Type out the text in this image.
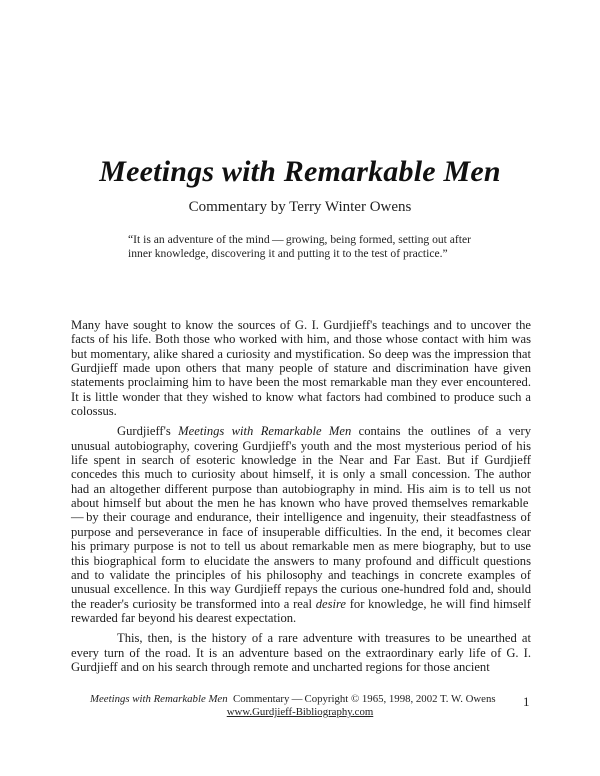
Meetings with Remarkable Men
Commentary by Terry Winter Owens
“It is an adventure of the mind — growing, being formed, setting out after inner knowledge, discovering it and putting it to the test of practice.”

Many have sought to know the sources of G. I. Gurdjieff's teachings and to uncover the facts of his life. Both those who worked with him, and those whose contact with him was but momentary, alike shared a curiosity and mystification. So deep was the impression that Gurdjieff made upon others that many people of stature and discrimination have given statements proclaiming him to have been the most remarkable man they ever encountered. It is little wonder that they wished to know what factors had combined to produce such a colossus.

Gurdjieff's Meetings with Remarkable Men contains the outlines of a very unusual autobiography, covering Gurdjieff's youth and the most mysterious period of his life spent in search of esoteric knowledge in the Near and Far East. But if Gurdjieff concedes this much to curiosity about himself, it is only a small concession. The author had an altogether different purpose than autobiography in mind. His aim is to tell us not about himself but about the men he has known who have proved themselves remarkable — by their courage and endurance, their intelligence and ingenuity, their steadfastness of purpose and perseverance in face of insuperable difficulties. In the end, it becomes clear his primary purpose is not to tell us about remarkable men as mere biography, but to use this biographical form to elucidate the answers to many profound and difficult questions and to validate the principles of his philosophy and teachings in concrete examples of unusual excellence. In this way Gurdjieff repays the curious one-hundred fold and, should the reader's curiosity be transformed into a real desire for knowledge, he will find himself rewarded far beyond his dearest expectation.

This, then, is the history of a rare adventure with treasures to be unearthed at every turn of the road. It is an adventure based on the extraordinary early life of G. I. Gurdjieff and on his search through remote and uncharted regions for those ancient

Meetings with Remarkable Men Commentary — Copyright © 1965, 1998, 2002 T. W. Owens 1
www.Gurdjieff-Bibliography.com
